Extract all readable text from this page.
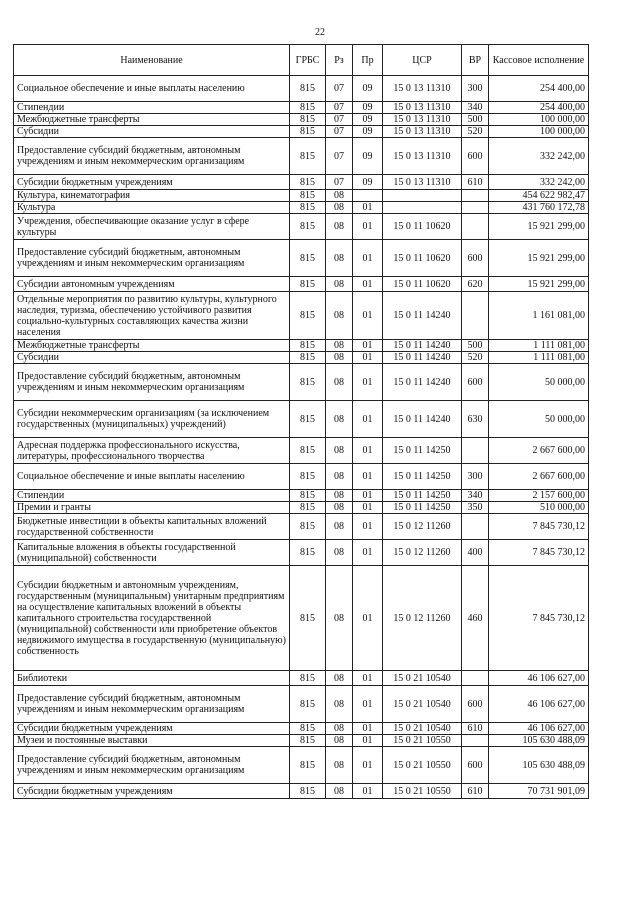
22
Наименование	ГРБС	Рз	Пр	ЦСР	ВР	Кассовое исполнение
Социальное обеспечение и иные выплаты населению	815	07	09	15 0 13 11310	300	254 400,00
Стипендии	815	07	09	15 0 13 11310	340	254 400,00
Межбюджетные трансферты	815	07	09	15 0 13 11310	500	100 000,00
Субсидии	815	07	09	15 0 13 11310	520	100 000,00
Предоставление субсидий бюджетным, автономным учреждениям и иным некоммерческим организациям	815	07	09	15 0 13 11310	600	332 242,00
Субсидии бюджетным учреждениям	815	07	09	15 0 13 11310	610	332 242,00
Культура, кинематография	815	08				454 622 982,47
Культура	815	08	01			431 760 172,78
Учреждения, обеспечивающие оказание услуг в сфере культуры	815	08	01	15 0 11 10620		15 921 299,00
Предоставление субсидий бюджетным, автономным учреждениям и иным некоммерческим организациям	815	08	01	15 0 11 10620	600	15 921 299,00
Субсидии автономным учреждениям	815	08	01	15 0 11 10620	620	15 921 299,00
Отдельные мероприятия по развитию культуры, культурного наследия, туризма, обеспечению устойчивого развития социально-культурных составляющих качества жизни населения	815	08	01	15 0 11 14240		1 161 081,00
Межбюджетные трансферты	815	08	01	15 0 11 14240	500	1 111 081,00
Субсидии	815	08	01	15 0 11 14240	520	1 111 081,00
Предоставление субсидий бюджетным, автономным учреждениям и иным некоммерческим организациям	815	08	01	15 0 11 14240	600	50 000,00
Субсидии некоммерческим организациям (за исключением государственных (муниципальных) учреждений)	815	08	01	15 0 11 14240	630	50 000,00
Адресная поддержка профессионального искусства, литературы, профессионального творчества	815	08	01	15 0 11 14250		2 667 600,00
Социальное обеспечение и иные выплаты населению	815	08	01	15 0 11 14250	300	2 667 600,00
Стипендии	815	08	01	15 0 11 14250	340	2 157 600,00
Премии и гранты	815	08	01	15 0 11 14250	350	510 000,00
Бюджетные инвестиции в объекты капитальных вложений государственной собственности	815	08	01	15 0 12 11260		7 845 730,12
Капитальные вложения в объекты государственной (муниципальной) собственности	815	08	01	15 0 12 11260	400	7 845 730,12
Субсидии бюджетным и автономным учреждениям, государственным (муниципальным) унитарным предприятиям на осуществление капитальных вложений в объекты капитального строительства государственной (муниципальной) собственности или приобретение объектов недвижимого имущества в государственную (муниципальную) собственность	815	08	01	15 0 12 11260	460	7 845 730,12
Библиотеки	815	08	01	15 0 21 10540		46 106 627,00
Предоставление субсидий бюджетным, автономным учреждениям и иным некоммерческим организациям	815	08	01	15 0 21 10540	600	46 106 627,00
Субсидии бюджетным учреждениям	815	08	01	15 0 21 10540	610	46 106 627,00
Музеи и постоянные выставки	815	08	01	15 0 21 10550		105 630 488,09
Предоставление субсидий бюджетным, автономным учреждениям и иным некоммерческим организациям	815	08	01	15 0 21 10550	600	105 630 488,09
Субсидии бюджетным учреждениям	815	08	01	15 0 21 10550	610	70 731 901,09
